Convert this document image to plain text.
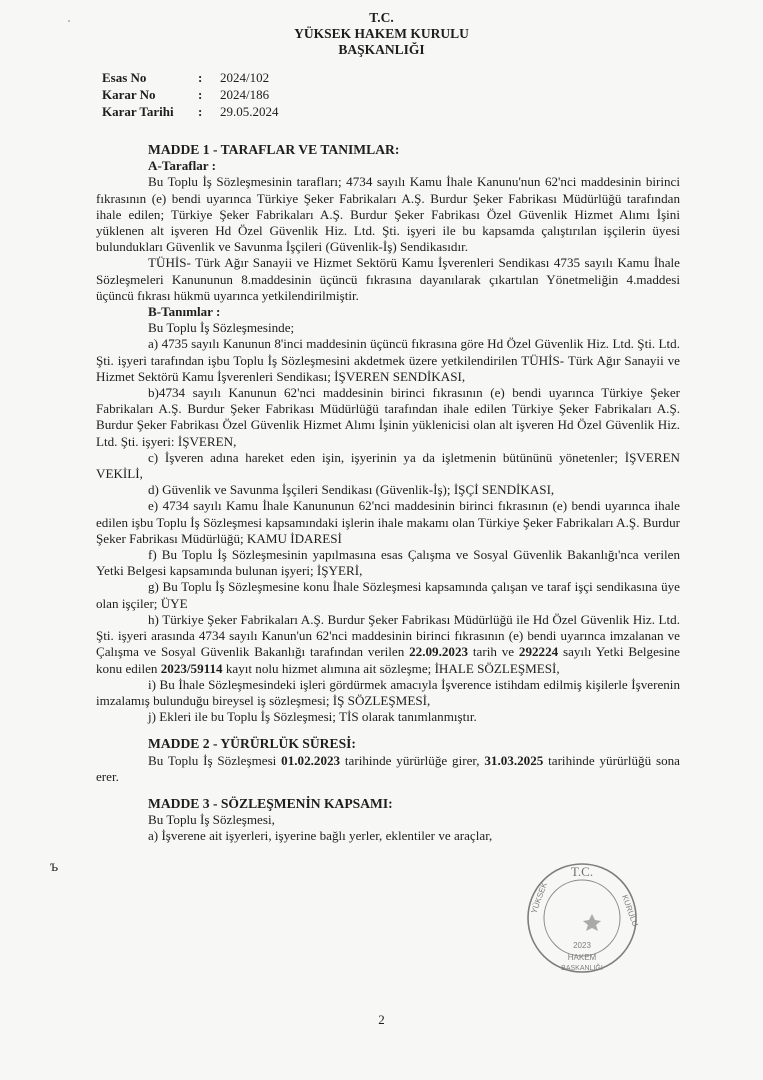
T.C.
YÜKSEK HAKEM KURULU
BAŞKANLIĞI
Esas No	:	2024/102
Karar No	:	2024/186
Karar Tarihi	:	29.05.2024

MADDE 1 - TARAFLAR VE TANIMLAR:

A-Taraflar :

Bu Toplu İş Sözleşmesinin tarafları; 4734 sayılı Kamu İhale Kanunu'nun 62'nci maddesinin birinci fıkrasının (e) bendi uyarınca Türkiye Şeker Fabrikaları A.Ş. Burdur Şeker Fabrikası Müdürlüğü tarafından ihale edilen; Türkiye Şeker Fabrikaları A.Ş. Burdur Şeker Fabrikası Özel Güvenlik Hizmet Alımı İşini yüklenen alt işveren Hd Özel Güvenlik Hiz. Ltd. Şti. işyeri ile bu kapsamda çalıştırılan işçilerin üyesi bulundukları Güvenlik ve Savunma İşçileri (Güvenlik-İş) Sendikasıdır.

TÜHİS- Türk Ağır Sanayii ve Hizmet Sektörü Kamu İşverenleri Sendikası 4735 sayılı Kamu İhale Sözleşmeleri Kanununun 8.maddesinin üçüncü fıkrasına dayanılarak çıkartılan Yönetmeliğin 4.maddesi üçüncü fıkrası hükmü uyarınca yetkilendirilmiştir.

B-Tanımlar :

Bu Toplu İş Sözleşmesinde;

a) 4735 sayılı Kanunun 8'inci maddesinin üçüncü fıkrasına göre Hd Özel Güvenlik Hiz. Ltd. Şti. Ltd. Şti. işyeri tarafından işbu Toplu İş Sözleşmesini akdetmek üzere yetkilendirilen TÜHİS- Türk Ağır Sanayii ve Hizmet Sektörü Kamu İşverenleri Sendikası; İŞVEREN SENDİKASI,

b)4734 sayılı Kanunun 62'nci maddesinin birinci fıkrasının (e) bendi uyarınca Türkiye Şeker Fabrikaları A.Ş. Burdur Şeker Fabrikası Müdürlüğü tarafından ihale edilen Türkiye Şeker Fabrikaları A.Ş. Burdur Şeker Fabrikası Özel Güvenlik Hizmet Alımı İşinin yüklenicisi olan alt işveren Hd Özel Güvenlik Hiz. Ltd. Şti. işyeri: İŞVEREN,

c) İşveren adına hareket eden işin, işyerinin ya da işletmenin bütününü yönetenler; İŞVEREN VEKİLİ,

d) Güvenlik ve Savunma İşçileri Sendikası (Güvenlik-İş); İŞÇİ SENDİKASI,

e) 4734 sayılı Kamu İhale Kanununun 62'nci maddesinin birinci fıkrasının (e) bendi uyarınca ihale edilen işbu Toplu İş Sözleşmesi kapsamındaki işlerin ihale makamı olan Türkiye Şeker Fabrikaları A.Ş. Burdur Şeker Fabrikası Müdürlüğü; KAMU İDARESİ

f) Bu Toplu İş Sözleşmesinin yapılmasına esas Çalışma ve Sosyal Güvenlik Bakanlığı'nca verilen Yetki Belgesi kapsamında bulunan işyeri; İŞYERİ,

g) Bu Toplu İş Sözleşmesine konu İhale Sözleşmesi kapsamında çalışan ve taraf işçi sendikasına üye olan işçiler; ÜYE

h) Türkiye Şeker Fabrikaları A.Ş. Burdur Şeker Fabrikası Müdürlüğü ile Hd Özel Güvenlik Hiz. Ltd. Şti. işyeri arasında 4734 sayılı Kanun'un 62'nci maddesinin birinci fıkrasının (e) bendi uyarınca imzalanan ve Çalışma ve Sosyal Güvenlik Bakanlığı tarafından verilen 22.09.2023 tarih ve 292224 sayılı Yetki Belgesine konu edilen 2023/59114 kayıt nolu hizmet alımına ait sözleşme; İHALE SÖZLEŞMESİ,

i) Bu İhale Sözleşmesindeki işleri gördürmek amacıyla İşverence istihdam edilmiş kişilerle İşverenin imzalamış bulunduğu bireysel iş sözleşmesi; İŞ SÖZLEŞMESİ,

j) Ekleri ile bu Toplu İş Sözleşmesi; TİS olarak tanımlanmıştır.

MADDE 2 - YÜRÜRLÜK SÜRESİ:

Bu Toplu İş Sözleşmesi 01.02.2023 tarihinde yürürlüğe girer, 31.03.2025 tarihinde yürürlüğü sona erer.

MADDE 3 - SÖZLEŞMENİN KAPSAMI:

Bu Toplu İş Sözleşmesi,

a) İşverene ait işyerleri, işyerine bağlı yerler, eklentiler ve araçlar,

ъ	T.C.
YÜKSEK	KURULU
HAKEM
BAŞKANLIĞI
2023
2
